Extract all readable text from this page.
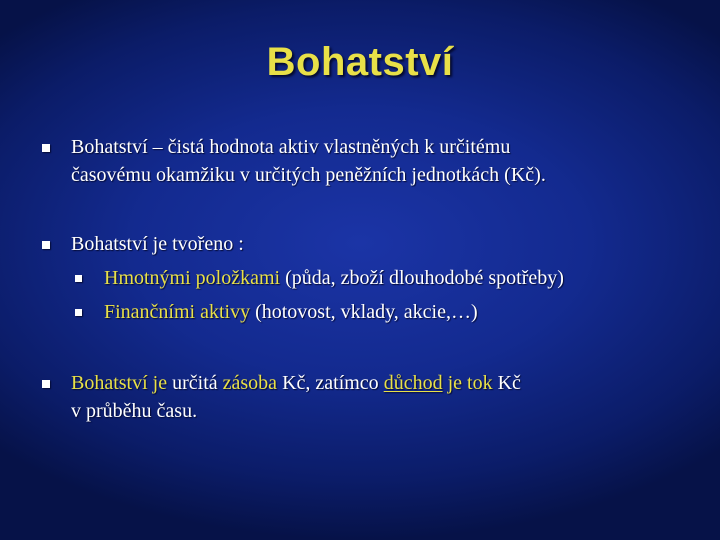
Bohatství
Bohatství – čistá hodnota aktiv vlastněných k určitému
časovému okamžiku v určitých peněžních jednotkách (Kč).
Bohatství je tvořeno :
Hmotnými položkami (půda, zboží dlouhodobé spotřeby)
Finančními aktivy (hotovost, vklady, akcie,…)
Bohatství je určitá zásoba Kč, zatímco důchod je tok Kč
v průběhu času.
